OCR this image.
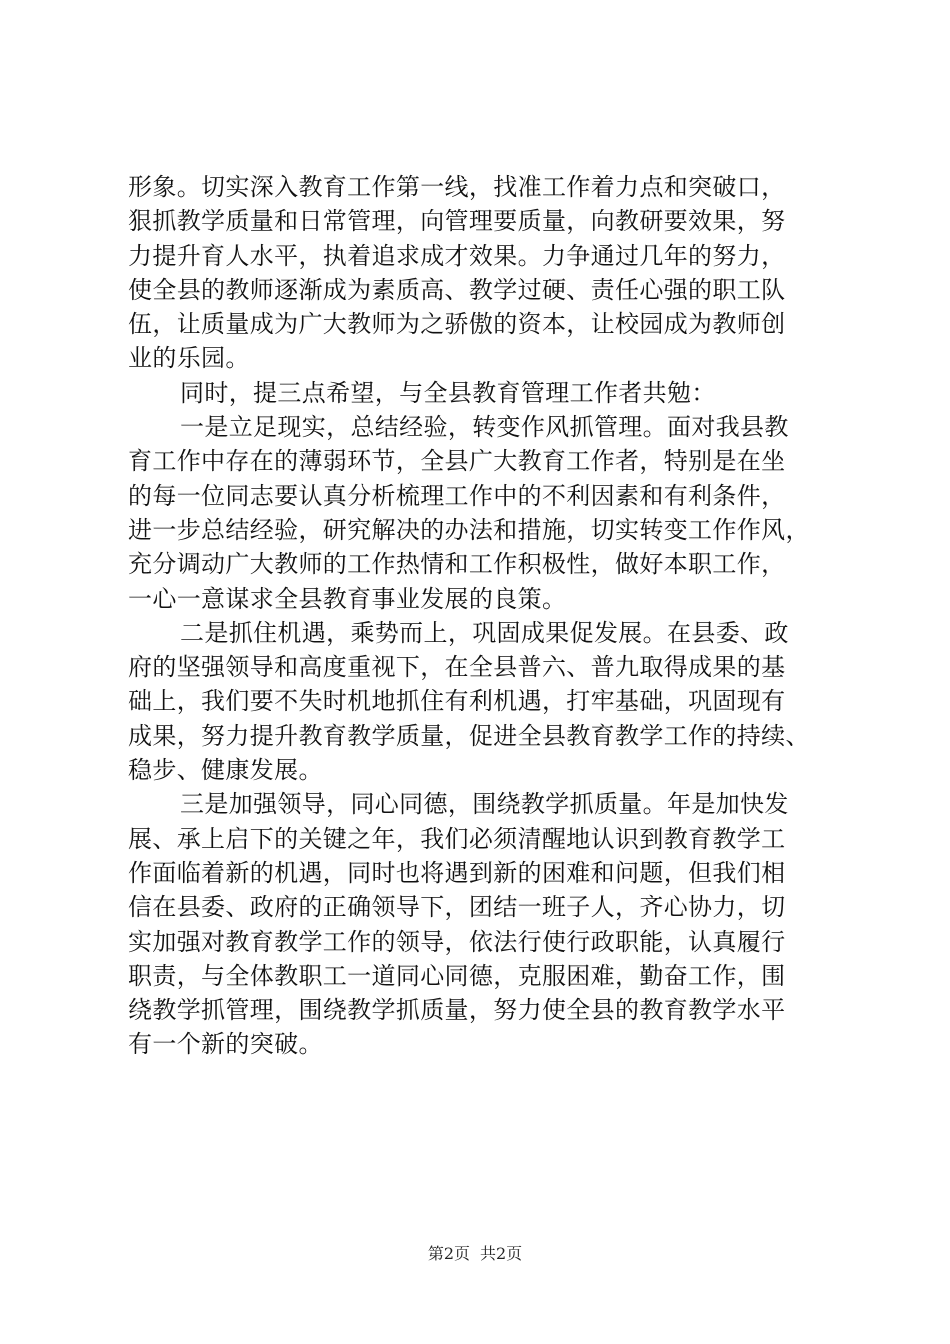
形象。切实深入教育工作第一线，找准工作着力点和突破口，
狠抓教学质量和日常管理，向管理要质量，向教研要效果，努
力提升育人水平，执着追求成才效果。力争通过几年的努力，
使全县的教师逐渐成为素质高、教学过硬、责任心强的职工队
伍，让质量成为广大教师为之骄傲的资本，让校园成为教师创
业的乐园。
同时，提三点希望，与全县教育管理工作者共勉：
一是立足现实，总结经验，转变作风抓管理。面对我县教
育工作中存在的薄弱环节，全县广大教育工作者，特别是在坐
的每一位同志要认真分析梳理工作中的不利因素和有利条件，
进一步总结经验，研究解决的办法和措施，切实转变工作作风，
充分调动广大教师的工作热情和工作积极性，做好本职工作，
一心一意谋求全县教育事业发展的良策。
二是抓住机遇，乘势而上，巩固成果促发展。在县委、政
府的坚强领导和高度重视下，在全县普六、普九取得成果的基
础上，我们要不失时机地抓住有利机遇，打牢基础，巩固现有
成果，努力提升教育教学质量，促进全县教育教学工作的持续、
稳步、健康发展。
三是加强领导，同心同德，围绕教学抓质量。年是加快发
展、承上启下的关键之年，我们必须清醒地认识到教育教学工
作面临着新的机遇，同时也将遇到新的困难和问题，但我们相
信在县委、政府的正确领导下，团结一班子人，齐心协力，切
实加强对教育教学工作的领导，依法行使行政职能，认真履行
职责，与全体教职工一道同心同德，克服困难，勤奋工作，围
绕教学抓管理，围绕教学抓质量，努力使全县的教育教学水平
有一个新的突破。
第2页 共2页
